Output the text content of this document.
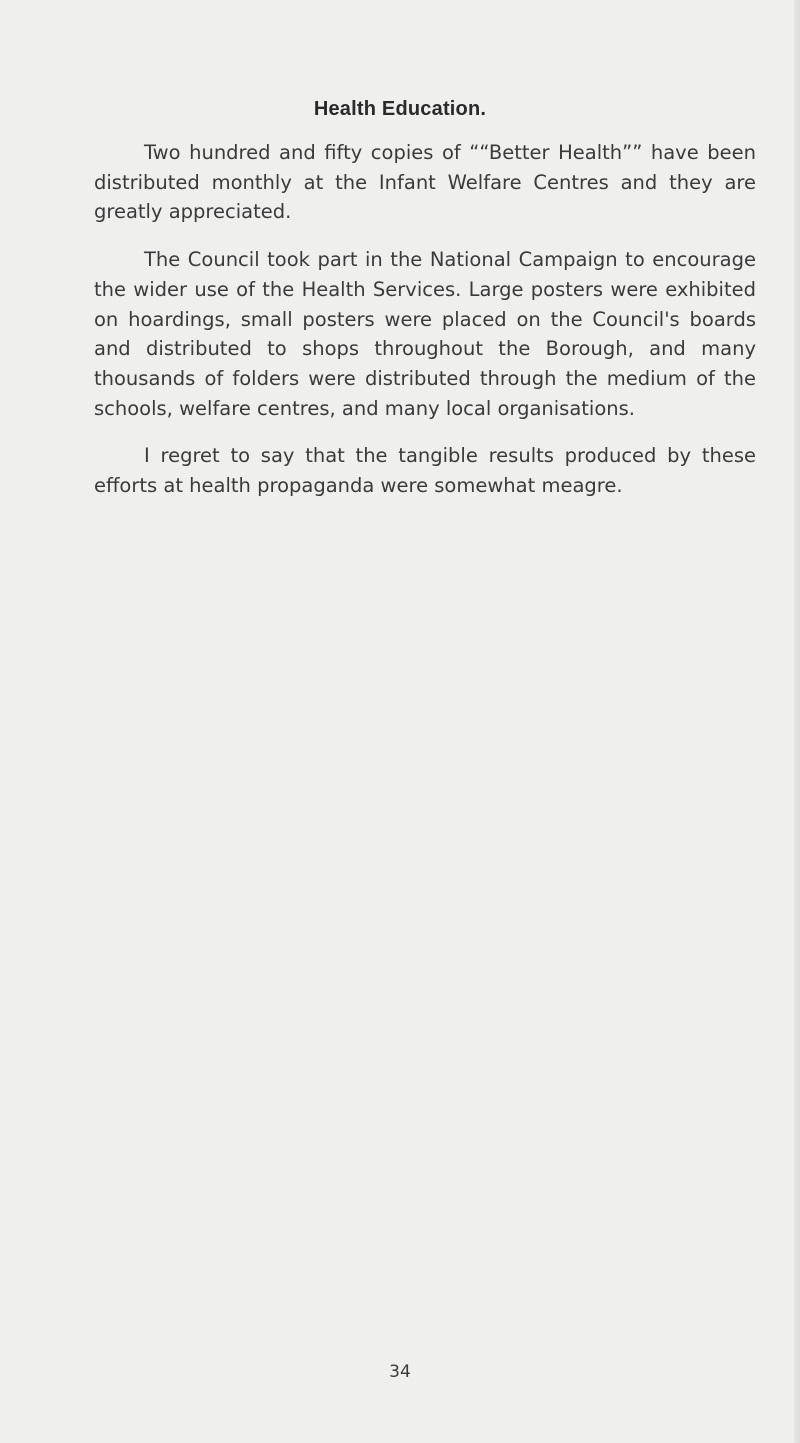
Health Education.

Two hundred and fifty copies of ““Better Health”” have been distributed monthly at the Infant Welfare Centres and they are greatly appreciated.

The Council took part in the National Campaign to encourage the wider use of the Health Services. Large posters were exhibited on hoardings, small posters were placed on the Council's boards and distributed to shops throughout the Borough, and many thousands of folders were distributed through the medium of the schools, welfare centres, and many local organisations.

I regret to say that the tangible results produced by these efforts at health propaganda were somewhat meagre.

34
